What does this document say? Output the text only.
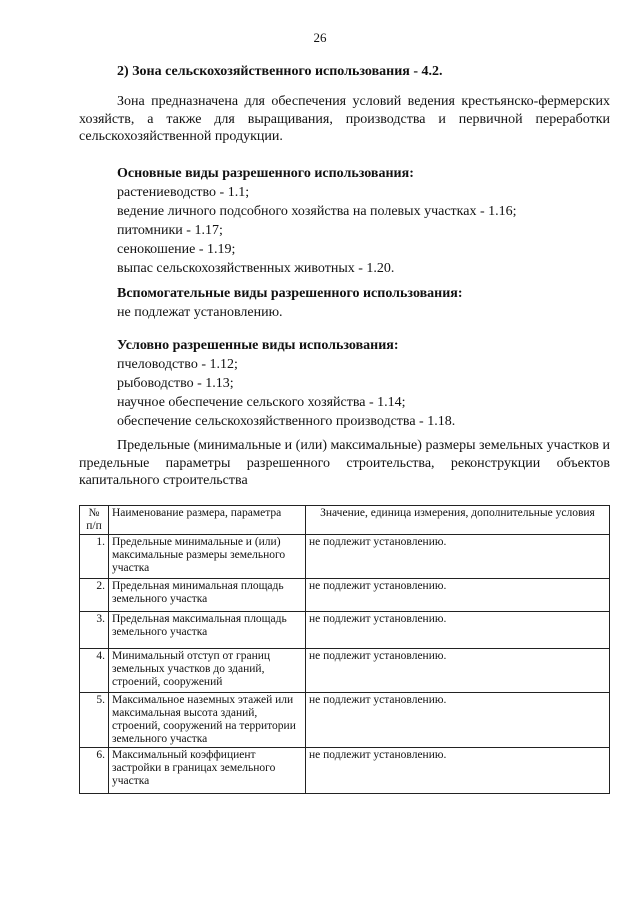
26
2) Зона сельскохозяйственного использования - 4.2.

Зона предназначена для обеспечения условий ведения крестьянско-фермерских хозяйств, а также для выращивания, производства и первичной переработки сельскохозяйственной продукции.

Основные виды разрешенного использования:
растениеводство - 1.1;
ведение личного подсобного хозяйства на полевых участках - 1.16;
питомники - 1.17;
сенокошение - 1.19;
выпас сельскохозяйственных животных - 1.20.
Вспомогательные виды разрешенного использования:
не подлежат установлению.
Условно разрешенные виды использования:
пчеловодство - 1.12;
рыбоводство - 1.13;
научное обеспечение сельского хозяйства - 1.14;
обеспечение сельскохозяйственного производства - 1.18.

Предельные (минимальные и (или) максимальные) размеры земельных участков и предельные параметры разрешенного строительства, реконструкции объектов капитального строительства

№ п/п	Наименование размера, параметра	Значение, единица измерения, дополнительные условия
1.	Предельные минимальные и (или) максимальные размеры земельного участка	не подлежит установлению.
2.	Предельная минимальная площадь земельного участка	не подлежит установлению.
3.	Предельная максимальная площадь земельного участка	не подлежит установлению.
4.	Минимальный отступ от границ земельных участков до зданий, строений, сооружений	не подлежит установлению.
5.	Максимальное наземных этажей или максимальная высота зданий, строений, сооружений на территории земельного участка	не подлежит установлению.
6.	Максимальный коэффициент застройки в границах земельного участка	не подлежит установлению.
